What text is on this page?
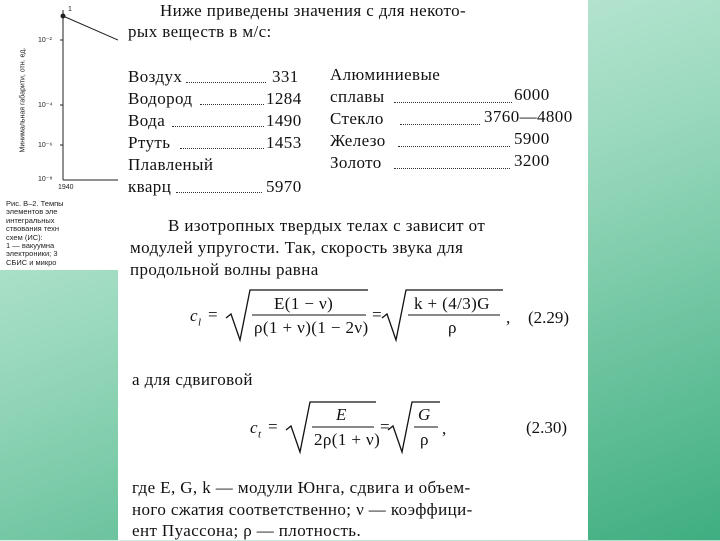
Минимальная габарити, отн. ед.
1
10⁻²
10⁻⁴
10⁻⁶
10⁻⁸
1940
Рис. В–2. Темпы
элементов эле
интегральных
ствования техн
схем (ИС):
1 — вакуумна
электроники; 3
СБИС и микро
Ниже приведены значения с для некото-
рых веществ в м/с:
Воздух	331
Водород	1284
Вода	1490
Ртуть	1453
Плавленый
кварц	5970
Алюминиевые
сплавы	6000
Стекло	3760—4800
Железо	5900
Золото	3200
В изотропных твердых телах с зависит от
модулей упругости. Так, скорость звука для
продольной волны равна
$c_l$ =
E(1 − ν)
ρ(1 + ν)(1 − 2ν)
=
k + (4/3)G
ρ
, (2.29)
а для сдвиговой
$c_t$ =
E
2ρ(1 + ν)
=
G
ρ
,	(2.30)
где E, G, k — модули Юнга, сдвига и объем-
ного сжатия соответственно; ν — коэффици-
ент Пуассона; ρ — плотность.
